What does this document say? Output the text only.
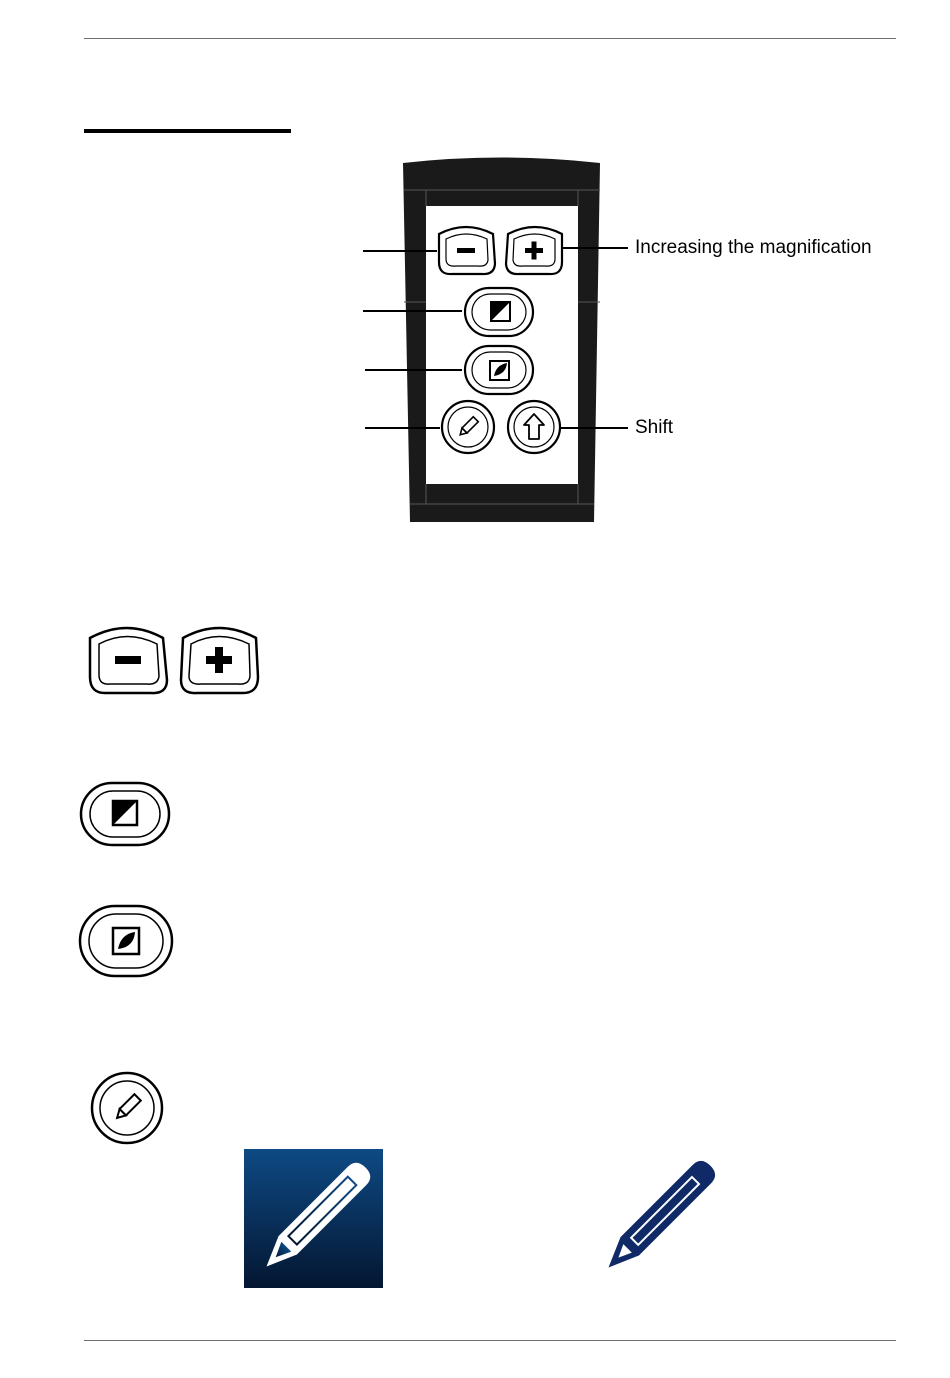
Increasing the magnification
Shift
